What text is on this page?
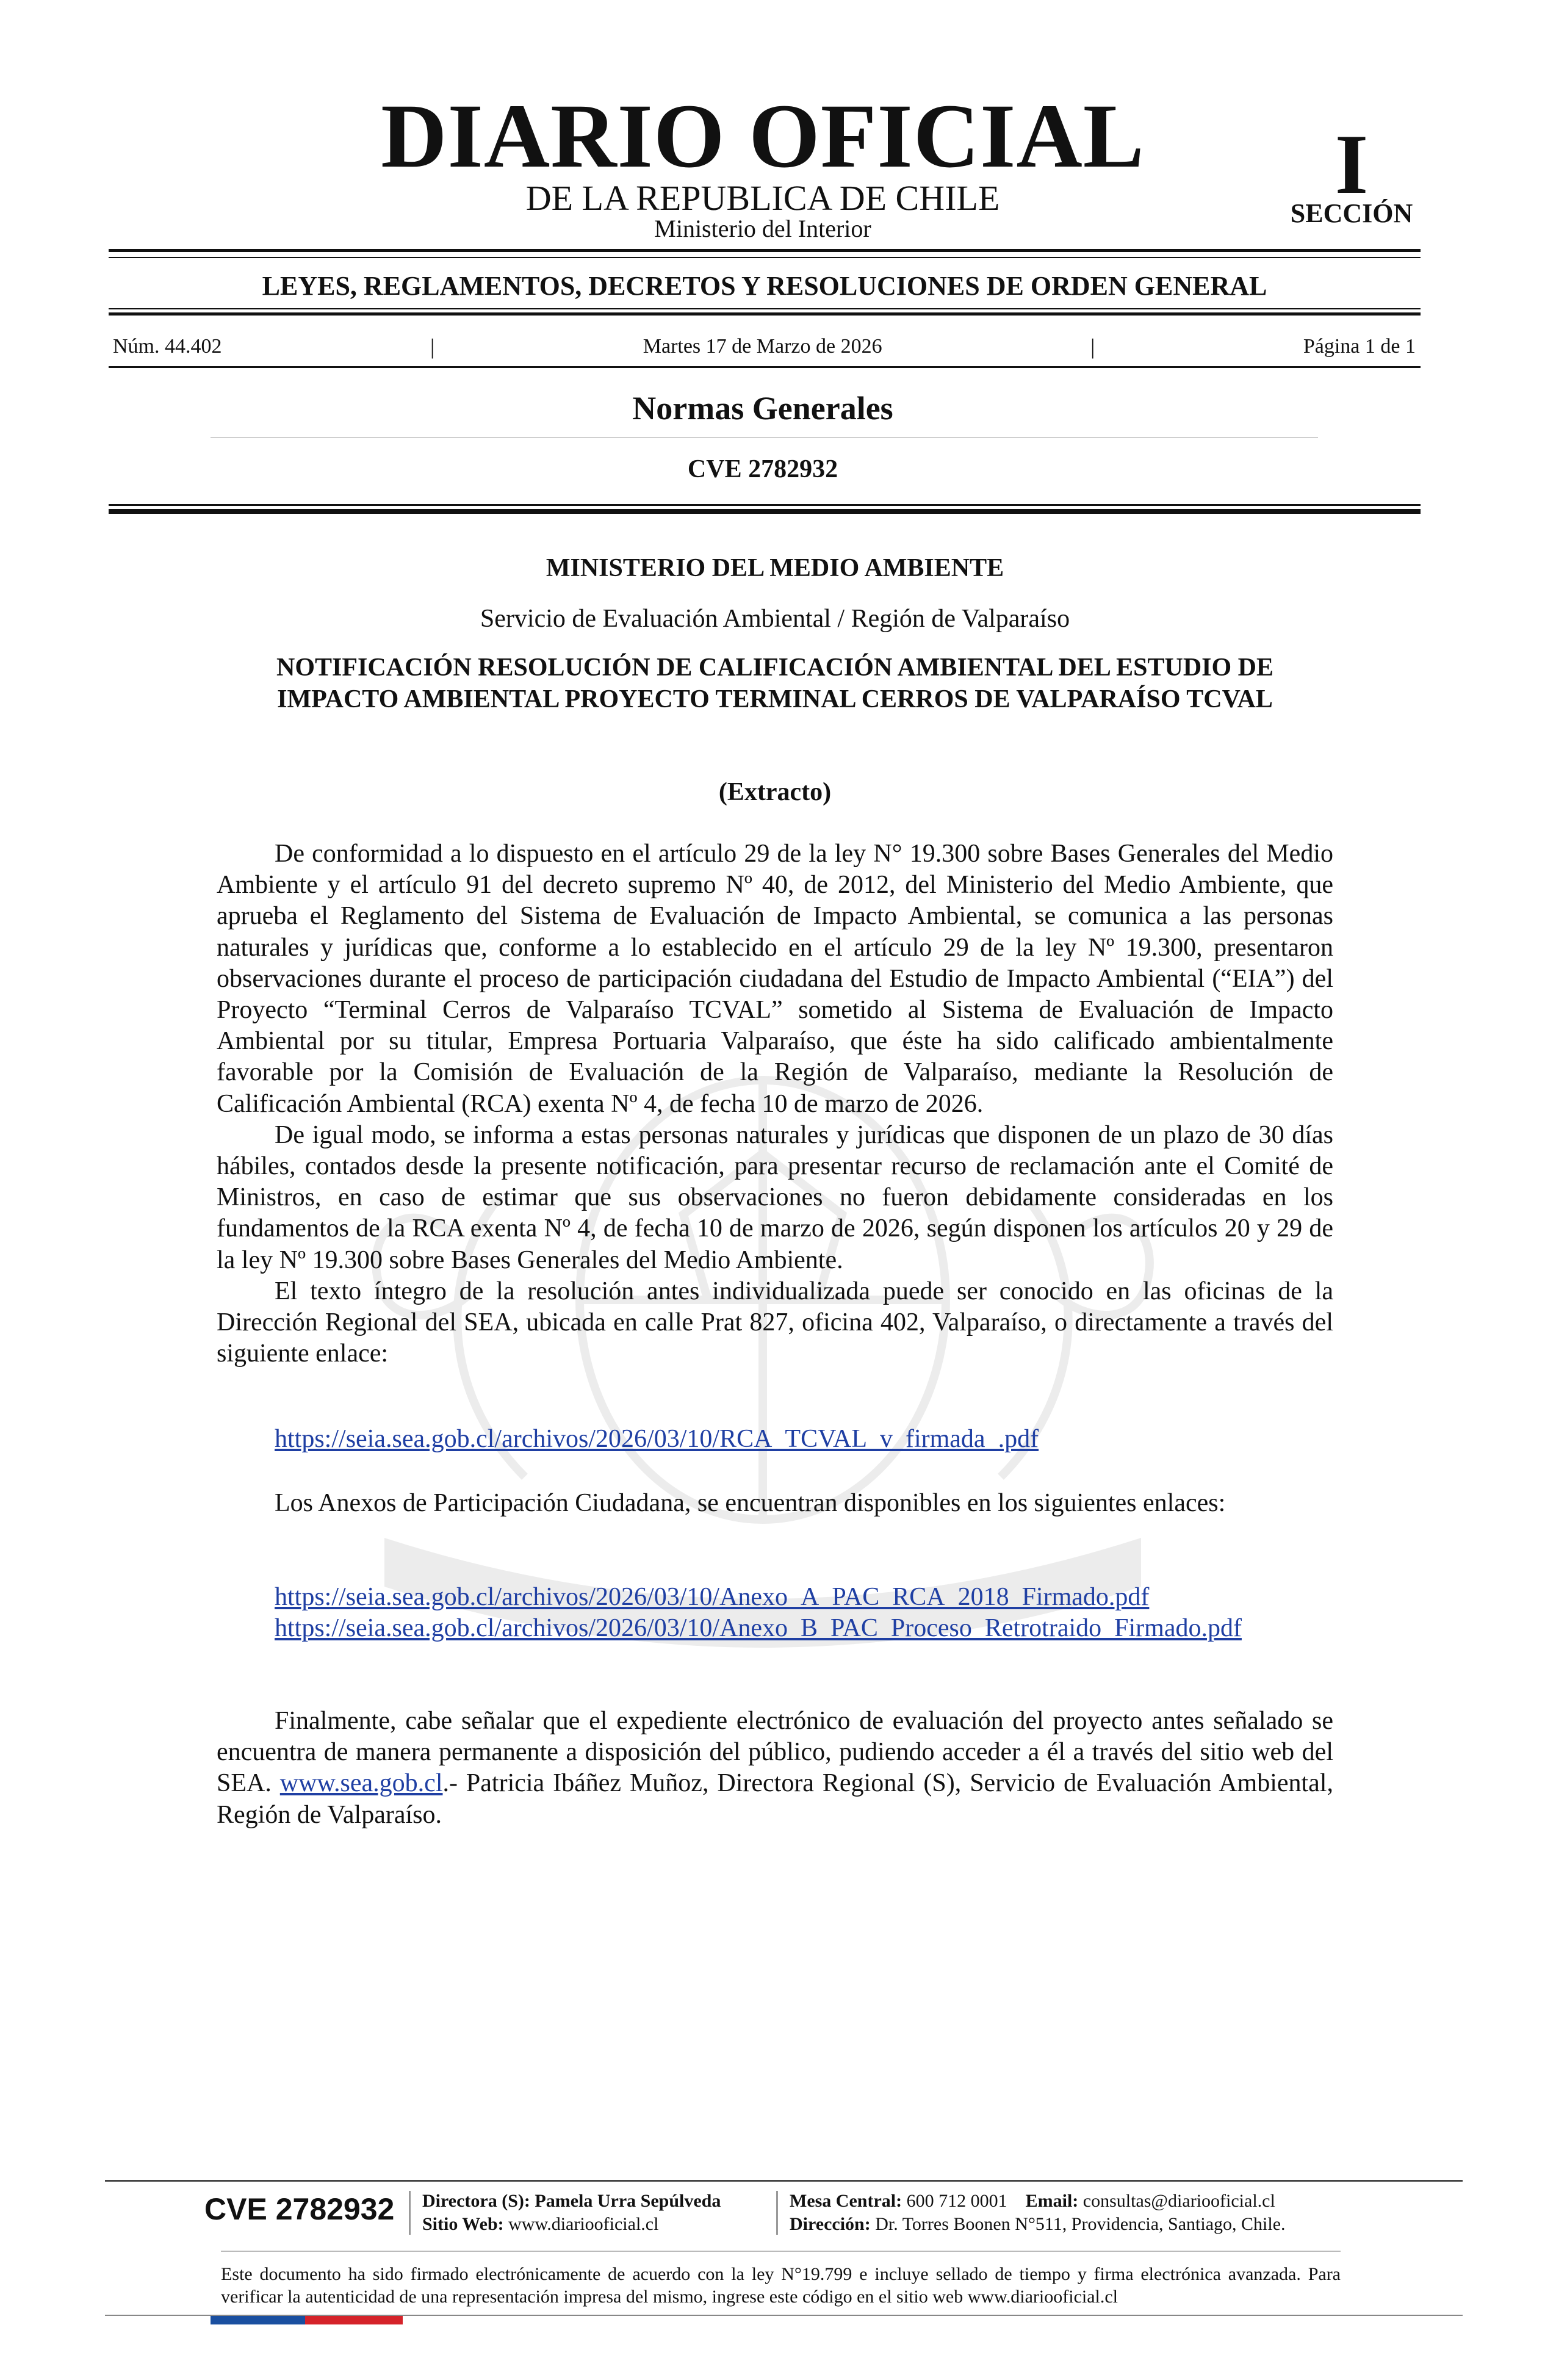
DIARIO OFICIAL
DE LA REPUBLICA DE CHILE
Ministerio del Interior
I
SECCIÓN
LEYES, REGLAMENTOS, DECRETOS Y RESOLUCIONES DE ORDEN GENERAL
Núm. 44.402	|	Martes 17 de Marzo de 2026	|	Página 1 de 1
Normas Generales
CVE 2782932
MINISTERIO DEL MEDIO AMBIENTE
Servicio de Evaluación Ambiental / Región de Valparaíso
NOTIFICACIÓN RESOLUCIÓN DE CALIFICACIÓN AMBIENTAL DEL ESTUDIO DE IMPACTO AMBIENTAL PROYECTO TERMINAL CERROS DE VALPARAÍSO TCVAL
(Extracto)

De conformidad a lo dispuesto en el artículo 29 de la ley N° 19.300 sobre Bases Generales del Medio Ambiente y el artículo 91 del decreto supremo Nº 40, de 2012, del Ministerio del Medio Ambiente, que aprueba el Reglamento del Sistema de Evaluación de Impacto Ambiental, se comunica a las personas naturales y jurídicas que, conforme a lo establecido en el artículo 29 de la ley Nº 19.300, presentaron observaciones durante el proceso de participación ciudadana del Estudio de Impacto Ambiental (“EIA”) del Proyecto “Terminal Cerros de Valparaíso TCVAL” sometido al Sistema de Evaluación de Impacto Ambiental por su titular, Empresa Portuaria Valparaíso, que éste ha sido calificado ambientalmente favorable por la Comisión de Evaluación de la Región de Valparaíso, mediante la Resolución de Calificación Ambiental (RCA) exenta Nº 4, de fecha 10 de marzo de 2026.

De igual modo, se informa a estas personas naturales y jurídicas que disponen de un plazo de 30 días hábiles, contados desde la presente notificación, para presentar recurso de reclamación ante el Comité de Ministros, en caso de estimar que sus observaciones no fueron debidamente consideradas en los fundamentos de la RCA exenta Nº 4, de fecha 10 de marzo de 2026, según disponen los artículos 20 y 29 de la ley Nº 19.300 sobre Bases Generales del Medio Ambiente.

El texto íntegro de la resolución antes individualizada puede ser conocido en las oficinas de la Dirección Regional del SEA, ubicada en calle Prat 827, oficina 402, Valparaíso, o directamente a través del siguiente enlace:

https://seia.sea.gob.cl/archivos/2026/03/10/RCA_TCVAL_v_firmada_.pdf

Los Anexos de Participación Ciudadana, se encuentran disponibles en los siguientes enlaces:

https://seia.sea.gob.cl/archivos/2026/03/10/Anexo_A_PAC_RCA_2018_Firmado.pdf
https://seia.sea.gob.cl/archivos/2026/03/10/Anexo_B_PAC_Proceso_Retrotraido_Firmado.pdf

Finalmente, cabe señalar que el expediente electrónico de evaluación del proyecto antes señalado se encuentra de manera permanente a disposición del público, pudiendo acceder a él a través del sitio web del SEA. www.sea.gob.cl.- Patricia Ibáñez Muñoz, Directora Regional (S), Servicio de Evaluación Ambiental, Región de Valparaíso.

CVE 2782932 Directora (S): Pamela Urra Sepúlveda
Sitio Web: www.diariooficial.cl
Mesa Central: 600 712 0001 Email: consultas@diariooficial.cl
Dirección: Dr. Torres Boonen N°511, Providencia, Santiago, Chile.
Este documento ha sido firmado electrónicamente de acuerdo con la ley N°19.799 e incluye sellado de tiempo y firma electrónica avanzada. Para verificar la autenticidad de una representación impresa del mismo, ingrese este código en el sitio web www.diariooficial.cl
